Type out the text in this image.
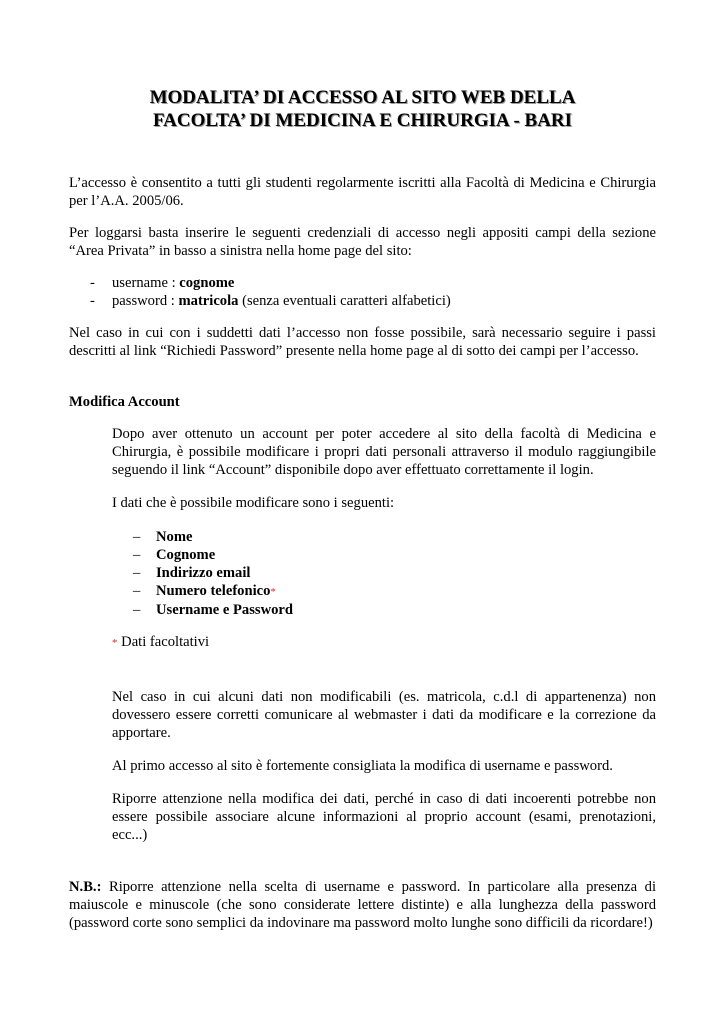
MODALITA’ DI ACCESSO AL SITO WEB DELLA
FACOLTA’ DI MEDICINA E CHIRURGIA - BARI

L’accesso è consentito a tutti gli studenti regolarmente iscritti alla Facoltà di Medicina e Chirurgia per l’A.A. 2005/06.

Per loggarsi basta inserire le seguenti credenziali di accesso negli appositi campi della sezione “Area Privata” in basso a sinistra nella home page del sito:

- username : cognome
- password : matricola (senza eventuali caratteri alfabetici)

Nel caso in cui con i suddetti dati l’accesso non fosse possibile, sarà necessario seguire i passi descritti al link “Richiedi Password” presente nella home page al di sotto dei campi per l’accesso.

Modifica Account

Dopo aver ottenuto un account per poter accedere al sito della facoltà di Medicina e Chirurgia, è possibile modificare i propri dati personali attraverso il modulo raggiungibile seguendo il link “Account” disponibile dopo aver effettuato correttamente il login.

I dati che è possibile modificare sono i seguenti:

– Nome
– Cognome
– Indirizzo email
– Numero telefonico*
– Username e Password

* Dati facoltativi

Nel caso in cui alcuni dati non modificabili (es. matricola, c.d.l di appartenenza) non dovessero essere corretti comunicare al webmaster i dati da modificare e la correzione da apportare.

Al primo accesso al sito è fortemente consigliata la modifica di username e password.

Riporre attenzione nella modifica dei dati, perché in caso di dati incoerenti potrebbe non essere possibile associare alcune informazioni al proprio account (esami, prenotazioni, ecc...)

N.B.: Riporre attenzione nella scelta di username e password. In particolare alla presenza di maiuscole e minuscole (che sono considerate lettere distinte) e alla lunghezza della password (password corte sono semplici da indovinare ma password molto lunghe sono difficili da ricordare!)
